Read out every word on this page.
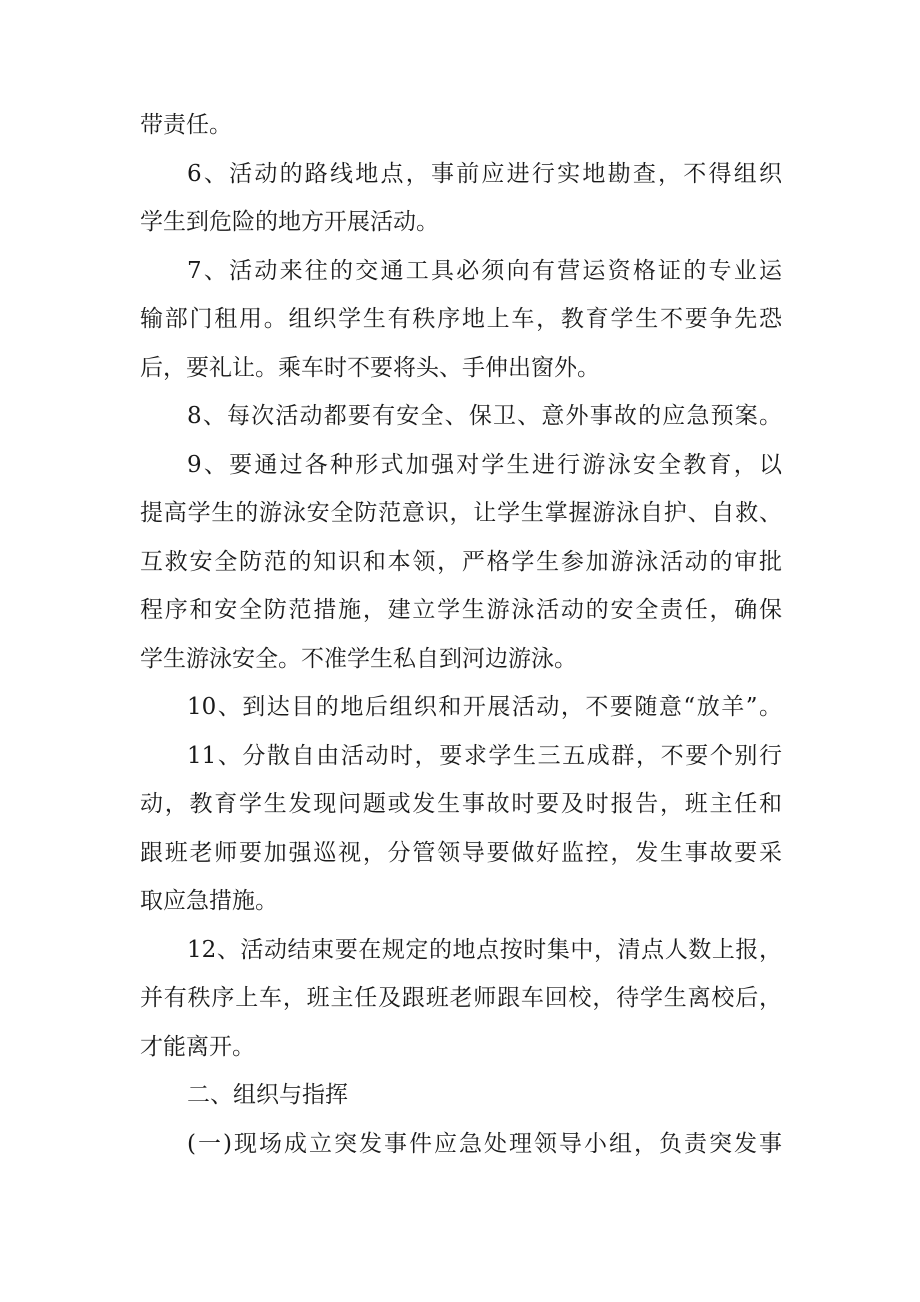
带责任。
6、活动的路线地点，事前应进行实地勘查，不得组织
学生到危险的地方开展活动。
7、活动来往的交通工具必须向有营运资格证的专业运
输部门租用。组织学生有秩序地上车，教育学生不要争先恐
后，要礼让。乘车时不要将头、手伸出窗外。
8、每次活动都要有安全、保卫、意外事故的应急预案。
9、要通过各种形式加强对学生进行游泳安全教育，以
提高学生的游泳安全防范意识，让学生掌握游泳自护、自救、
互救安全防范的知识和本领，严格学生参加游泳活动的审批
程序和安全防范措施，建立学生游泳活动的安全责任，确保
学生游泳安全。不准学生私自到河边游泳。
10、到达目的地后组织和开展活动，不要随意“放羊”。
11、分散自由活动时，要求学生三五成群，不要个别行
动，教育学生发现问题或发生事故时要及时报告，班主任和
跟班老师要加强巡视，分管领导要做好监控，发生事故要采
取应急措施。
12、活动结束要在规定的地点按时集中，清点人数上报，
并有秩序上车，班主任及跟班老师跟车回校，待学生离校后，
才能离开。
二、组织与指挥
(一)现场成立突发事件应急处理领导小组，负责突发事
